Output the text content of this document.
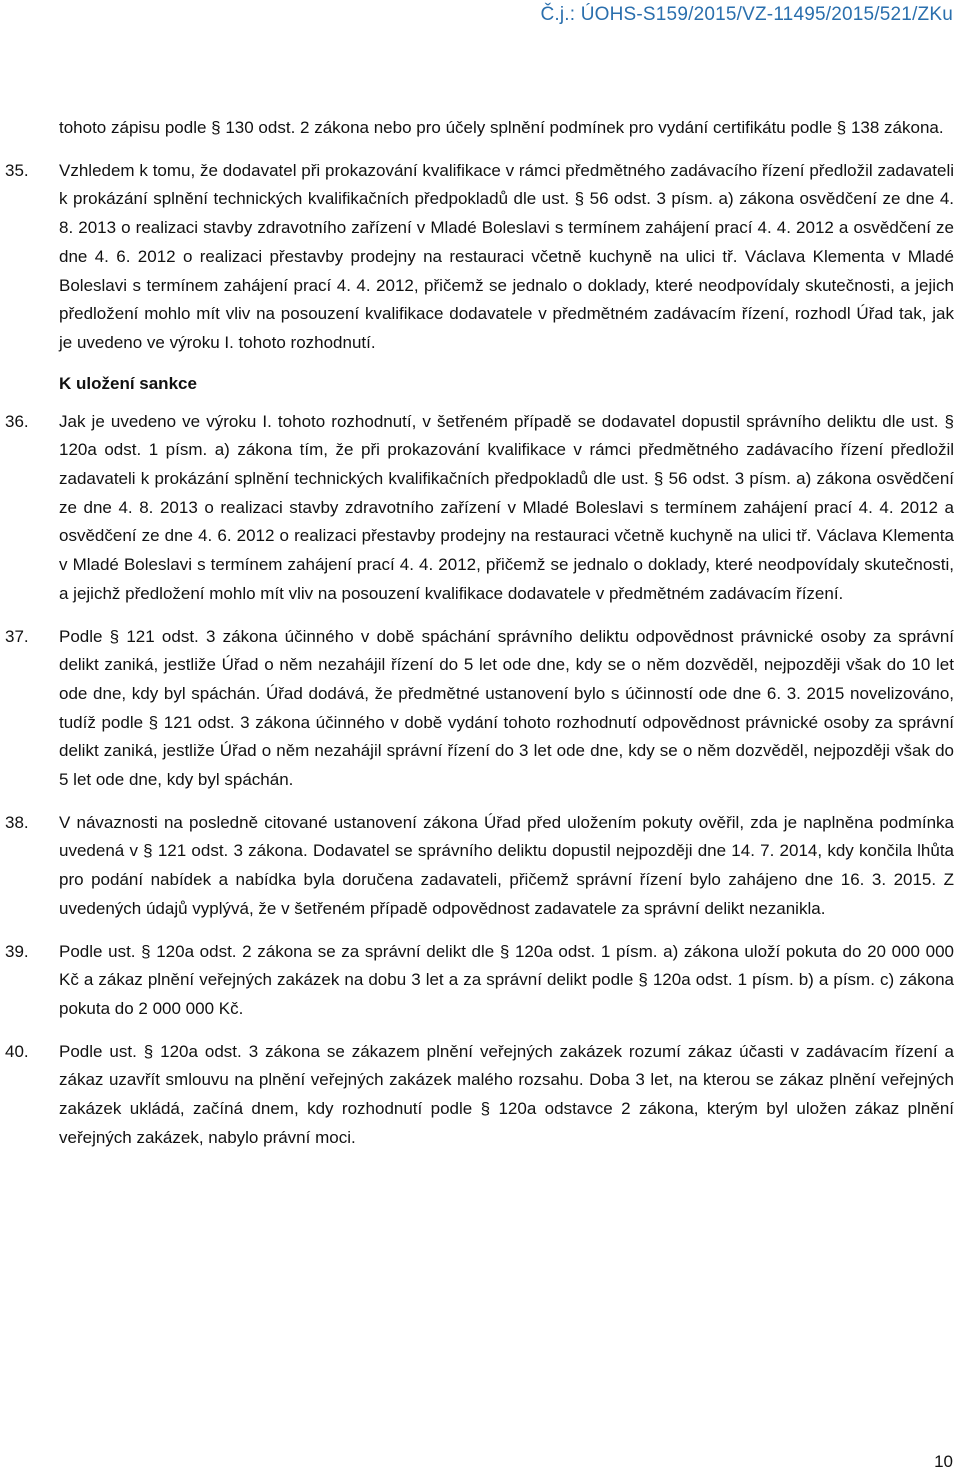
Č.j.: ÚOHS-S159/2015/VZ-11495/2015/521/ZKu

tohoto zápisu podle § 130 odst. 2 zákona nebo pro účely splnění podmínek pro vydání certifikátu podle § 138 zákona.

35.	Vzhledem k tomu, že dodavatel při prokazování kvalifikace v rámci předmětného zadávacího řízení předložil zadavateli k prokázání splnění technických kvalifikačních předpokladů dle ust. § 56 odst. 3 písm. a) zákona osvědčení ze dne 4. 8. 2013 o realizaci stavby zdravotního zařízení v Mladé Boleslavi s termínem zahájení prací 4. 4. 2012 a osvědčení ze dne 4. 6. 2012 o realizaci přestavby prodejny na restauraci včetně kuchyně na ulici tř. Václava Klementa v Mladé Boleslavi s termínem zahájení prací 4. 4. 2012, přičemž se jednalo o doklady, které neodpovídaly skutečnosti, a jejich předložení mohlo mít vliv na posouzení kvalifikace dodavatele v předmětném zadávacím řízení, rozhodl Úřad tak, jak je uvedeno ve výroku I. tohoto rozhodnutí.

K uložení sankce

36.	Jak je uvedeno ve výroku I. tohoto rozhodnutí, v šetřeném případě se dodavatel dopustil správního deliktu dle ust. § 120a odst. 1 písm. a) zákona tím, že při prokazování kvalifikace v rámci předmětného zadávacího řízení předložil zadavateli k prokázání splnění technických kvalifikačních předpokladů dle ust. § 56 odst. 3 písm. a) zákona osvědčení ze dne 4. 8. 2013 o realizaci stavby zdravotního zařízení v Mladé Boleslavi s termínem zahájení prací 4. 4. 2012 a osvědčení ze dne 4. 6. 2012 o realizaci přestavby prodejny na restauraci včetně kuchyně na ulici tř. Václava Klementa v Mladé Boleslavi s termínem zahájení prací 4. 4. 2012, přičemž se jednalo o doklady, které neodpovídaly skutečnosti, a jejichž předložení mohlo mít vliv na posouzení kvalifikace dodavatele v předmětném zadávacím řízení.

37.	Podle § 121 odst. 3 zákona účinného v době spáchání správního deliktu odpovědnost právnické osoby za správní delikt zaniká, jestliže Úřad o něm nezahájil řízení do 5 let ode dne, kdy se o něm dozvěděl, nejpozději však do 10 let ode dne, kdy byl spáchán. Úřad dodává, že předmětné ustanovení bylo s účinností ode dne 6. 3. 2015 novelizováno, tudíž podle § 121 odst. 3 zákona účinného v době vydání tohoto rozhodnutí odpovědnost právnické osoby za správní delikt zaniká, jestliže Úřad o něm nezahájil správní řízení do 3 let ode dne, kdy se o něm dozvěděl, nejpozději však do 5 let ode dne, kdy byl spáchán.

38.	V návaznosti na posledně citované ustanovení zákona Úřad před uložením pokuty ověřil, zda je naplněna podmínka uvedená v § 121 odst. 3 zákona. Dodavatel se správního deliktu dopustil nejpozději dne 14. 7. 2014, kdy končila lhůta pro podání nabídek a nabídka byla doručena zadavateli, přičemž správní řízení bylo zahájeno dne 16. 3. 2015. Z uvedených údajů vyplývá, že v šetřeném případě odpovědnost zadavatele za správní delikt nezanikla.

39.	Podle ust. § 120a odst. 2 zákona se za správní delikt dle § 120a odst. 1 písm. a) zákona uloží pokuta do 20 000 000 Kč a zákaz plnění veřejných zakázek na dobu 3 let a za správní delikt podle § 120a odst. 1 písm. b) a písm. c) zákona pokuta do 2 000 000 Kč.

40.	Podle ust. § 120a odst. 3 zákona se zákazem plnění veřejných zakázek rozumí zákaz účasti v zadávacím řízení a zákaz uzavřít smlouvu na plnění veřejných zakázek malého rozsahu. Doba 3 let, na kterou se zákaz plnění veřejných zakázek ukládá, začíná dnem, kdy rozhodnutí podle § 120a odstavce 2 zákona, kterým byl uložen zákaz plnění veřejných zakázek, nabylo právní moci.

10
